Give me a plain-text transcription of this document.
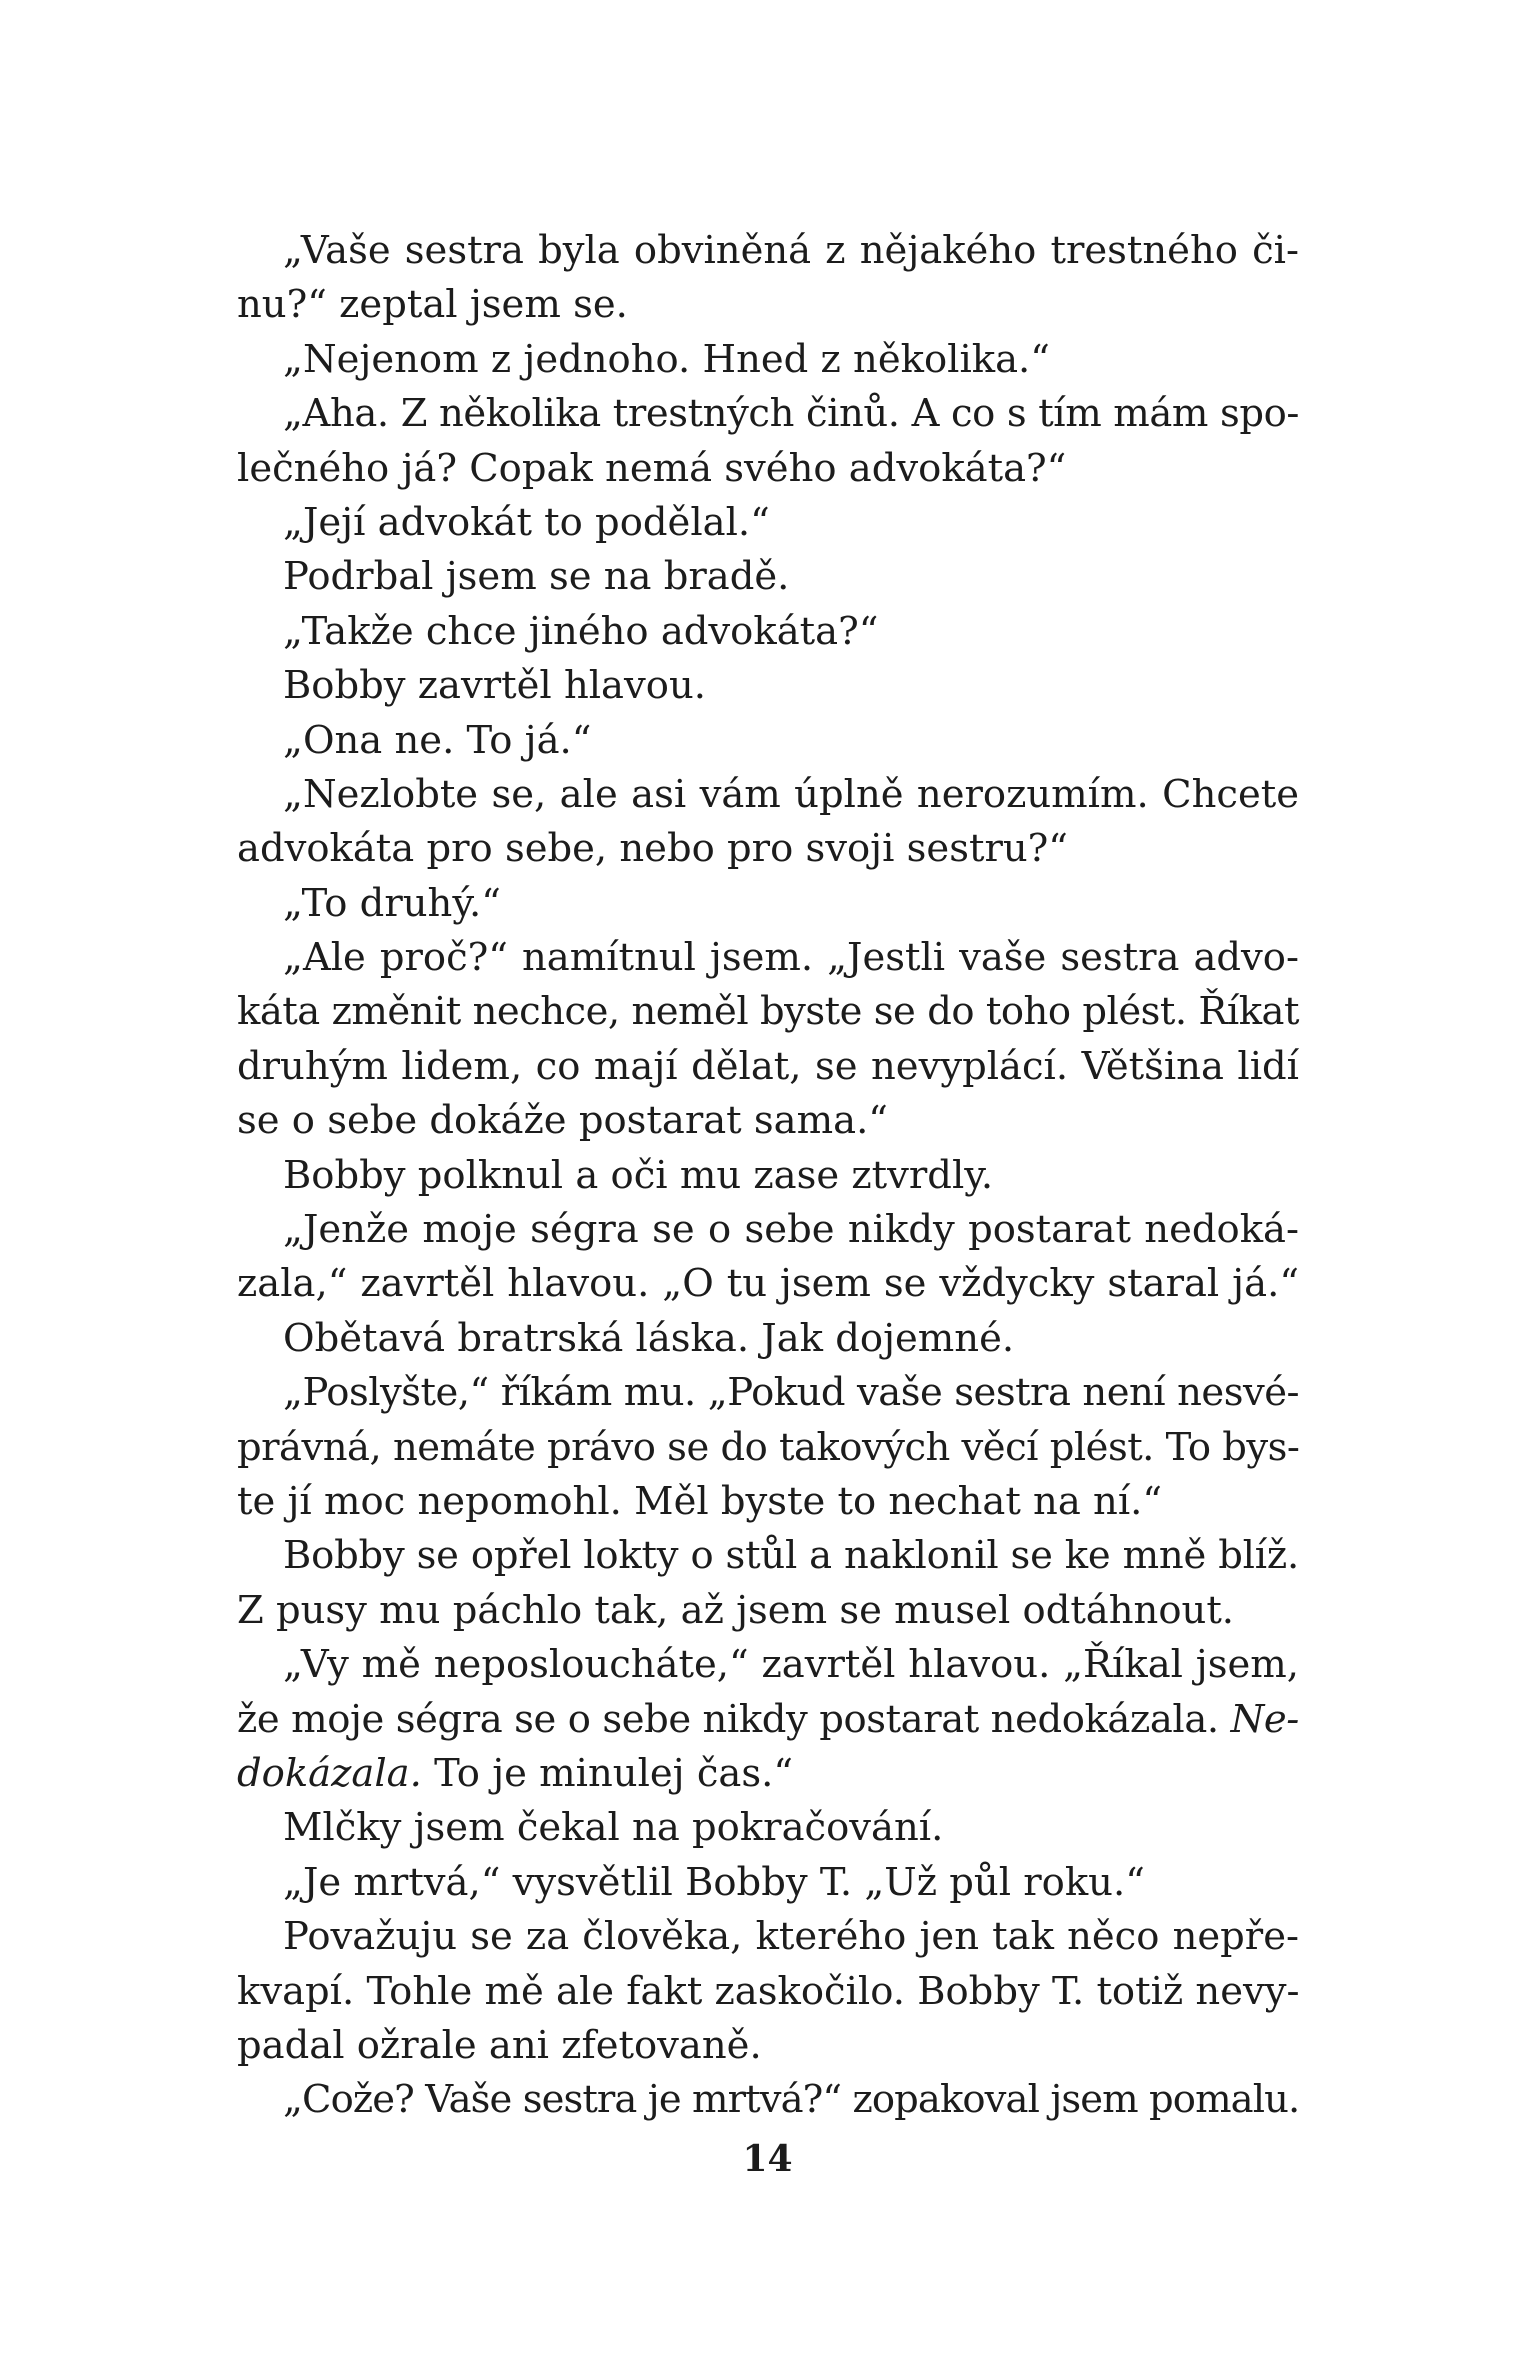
„Vaše sestra byla obviněná z nějakého trestného či-
nu?“ zeptal jsem se.
„Nejenom z jednoho. Hned z několika.“
„Aha. Z několika trestných činů. A co s tím mám spo-
lečného já? Copak nemá svého advokáta?“
„Její advokát to podělal.“
Podrbal jsem se na bradě.
„Takže chce jiného advokáta?“
Bobby zavrtěl hlavou.
„Ona ne. To já.“
„Nezlobte se, ale asi vám úplně nerozumím. Chcete
advokáta pro sebe, nebo pro svoji sestru?“
„To druhý.“
„Ale proč?“ namítnul jsem. „Jestli vaše sestra advo-
káta změnit nechce, neměl byste se do toho plést. Říkat
druhým lidem, co mají dělat, se nevyplácí. Většina lidí
se o sebe dokáže postarat sama.“
Bobby polknul a oči mu zase ztvrdly.
„Jenže moje ségra se o sebe nikdy postarat nedoká-
zala,“ zavrtěl hlavou. „O tu jsem se vždycky staral já.“
Obětavá bratrská láska. Jak dojemné.
„Poslyšte,“ říkám mu. „Pokud vaše sestra není nesvé-
právná, nemáte právo se do takových věcí plést. To bys-
te jí moc nepomohl. Měl byste to nechat na ní.“
Bobby se opřel lokty o stůl a naklonil se ke mně blíž.
Z pusy mu páchlo tak, až jsem se musel odtáhnout.
„Vy mě neposloucháte,“ zavrtěl hlavou. „Říkal jsem,
že moje ségra se o sebe nikdy postarat nedokázala. Ne-
dokázala. To je minulej čas.“
Mlčky jsem čekal na pokračování.
„Je mrtvá,“ vysvětlil Bobby T. „Už půl roku.“
Považuju se za člověka, kterého jen tak něco nepře-
kvapí. Tohle mě ale fakt zaskočilo. Bobby T. totiž nevy-
padal ožrale ani zfetovaně.
„Cože? Vaše sestra je mrtvá?“ zopakoval jsem pomalu.
14
